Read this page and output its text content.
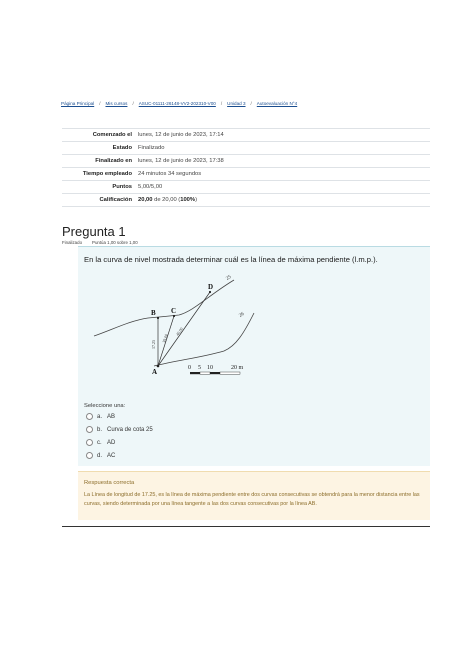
Página Principal / Mis cursos / ASUC-01111-26148-VV2-202310-V00 / Unidad 3 / Autoevaluación N°4
Comenzado el	lunes, 12 de junio de 2023, 17:14
Estado	Finalizado
Finalizado en	lunes, 12 de junio de 2023, 17:38
Tiempo empleado	24 minutos 34 segundos
Puntos	5,00/5,00
Calificación	20,00 de 20,00 (100%)
Pregunta 1
Finalizado Puntúa 1,00 sobre 1,00
En la curva de nivel mostrada determinar cuál es la línea de máxima pendiente (l.m.p.).
A
B C
D
25
26
17.25
39.00
40.00
0 5 10	20 m
Seleccione una:
a. AB
b. Curva de cota 25
c. AD
d. AC
Respuesta correcta
La Línea de longitud de 17.25, es la línea de máxima pendiente entre dos curvas consecutivas se obtendrá para la menor distancia entre las curvas, siendo determinada por una línea tangente a las dos curvas consecutivas por la línea AB.
